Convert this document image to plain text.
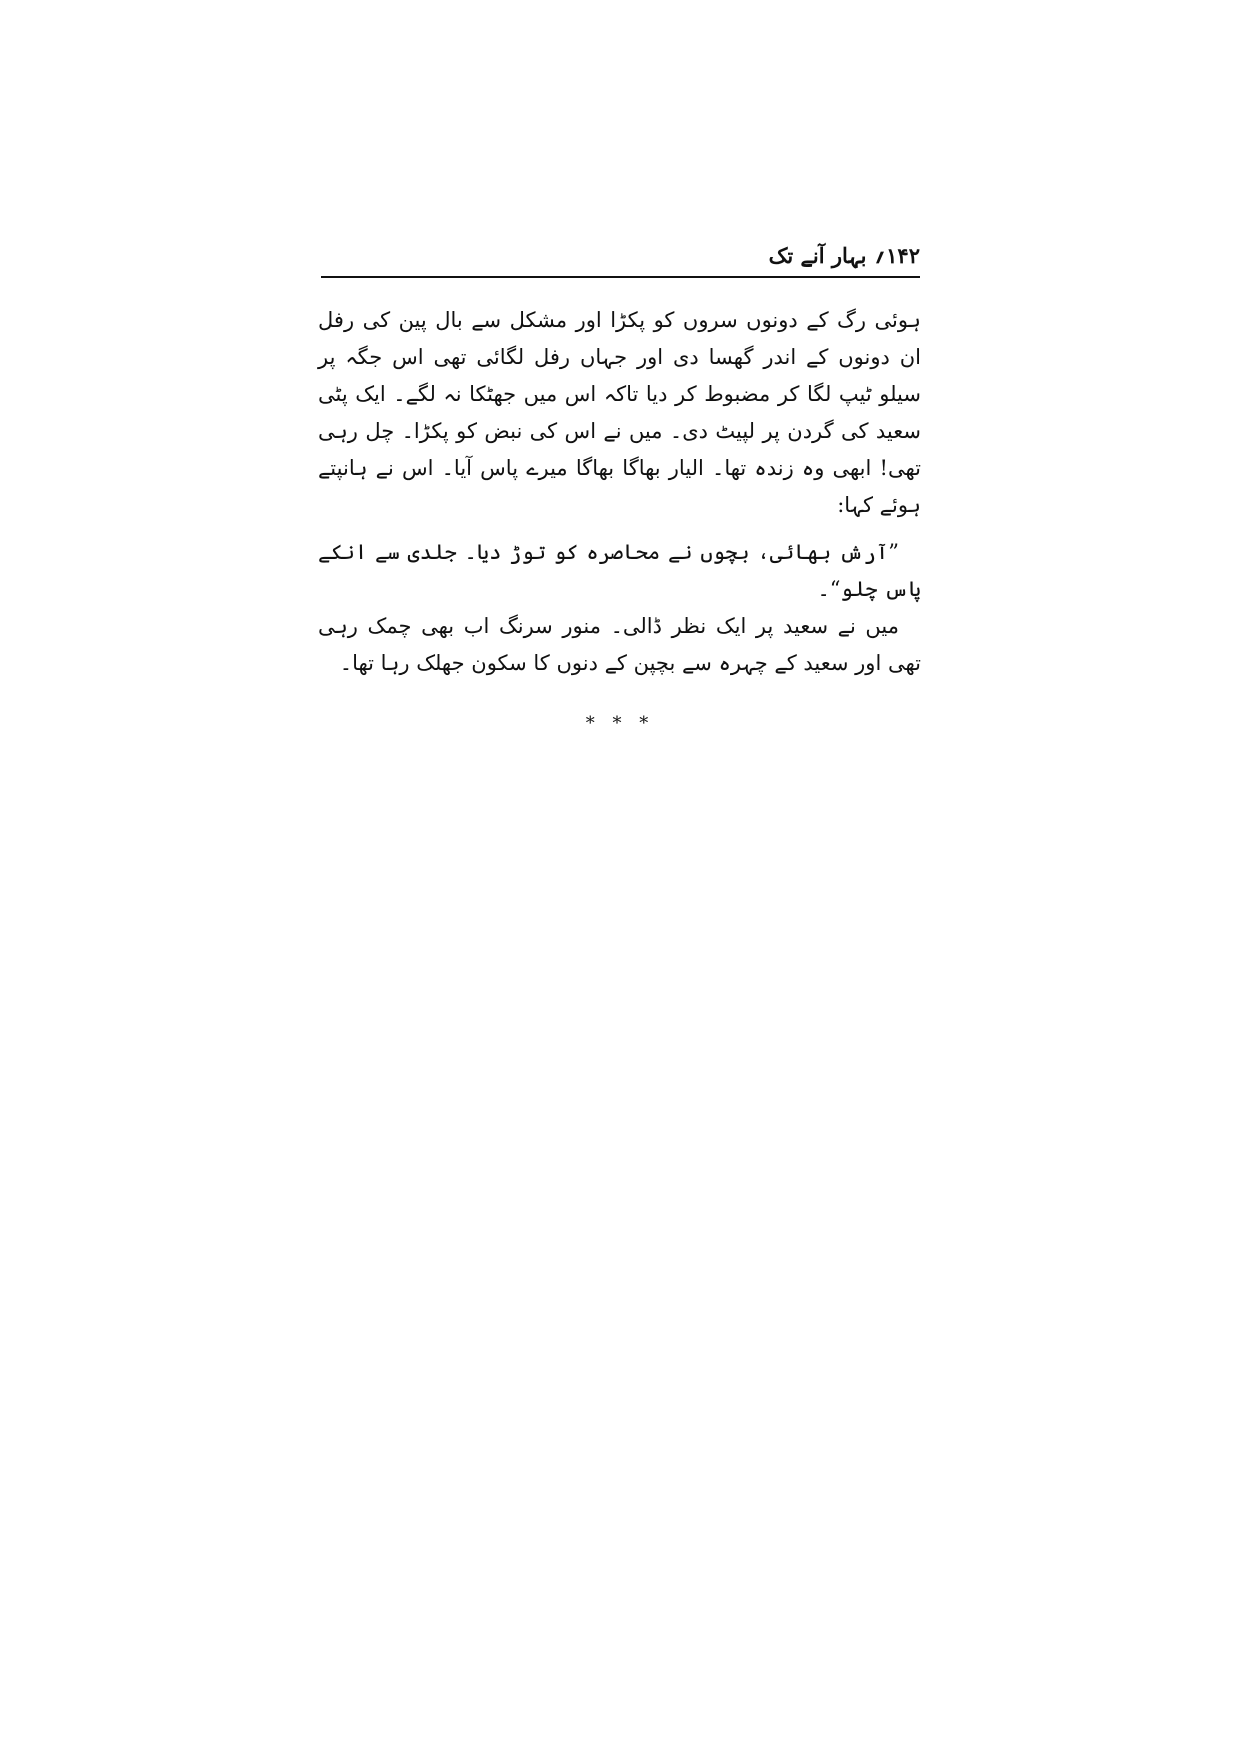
۱۴۲؍ بہار آنے تک

ہوئی رگ کے دونوں سروں کو پکڑا اور مشکل سے بال پین کی رفل ان دونوں کے اندر گھسا دی اور جہاں رفل لگائی تھی اس جگہ پر سیلو ٹیپ لگا کر مضبوط کر دیا تاکہ اس میں جھٹکا نہ لگے۔ ایک پٹی سعید کی گردن پر لپیٹ دی۔ میں نے اس کی نبض کو پکڑا۔ چل رہی تھی! ابھی وہ زندہ تھا۔ الیار بھاگا بھاگا میرے پاس آیا۔ اس نے ہانپتے ہوئے کہا:

”آرش بھائی، بچوں نے محاصرہ کو توڑ دیا۔ جلدی سے انکے پاس چلو“۔

میں نے سعید پر ایک نظر ڈالی۔ منور سرنگ اب بھی چمک رہی تھی اور سعید کے چہرہ سے بچپن کے دنوں کا سکون جھلک رہا تھا۔

* * *
